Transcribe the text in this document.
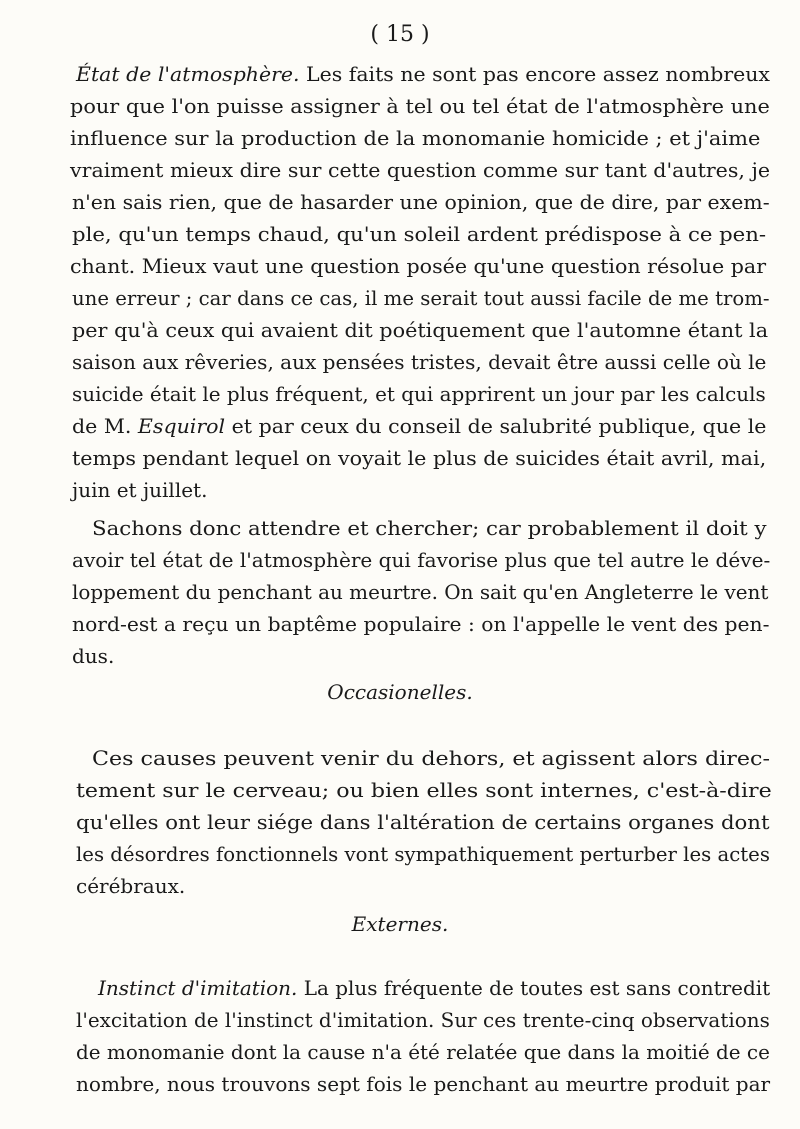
( 15 )
État de l'atmosphère. Les faits ne sont pas encore assez nombreux
pour que l'on puisse assigner à tel ou tel état de l'atmosphère une
influence sur la production de la monomanie homicide ; et j'aime
vraiment mieux dire sur cette question comme sur tant d'autres, je
n'en sais rien, que de hasarder une opinion, que de dire, par exem-
ple, qu'un temps chaud, qu'un soleil ardent prédispose à ce pen-
chant. Mieux vaut une question posée qu'une question résolue par
une erreur ; car dans ce cas, il me serait tout aussi facile de me trom-
per qu'à ceux qui avaient dit poétiquement que l'automne étant la
saison aux rêveries, aux pensées tristes, devait être aussi celle où le
suicide était le plus fréquent, et qui apprirent un jour par les calculs
de M. Esquirol et par ceux du conseil de salubrité publique, que le
temps pendant lequel on voyait le plus de suicides était avril, mai,
juin et juillet.
Sachons donc attendre et chercher; car probablement il doit y
avoir tel état de l'atmosphère qui favorise plus que tel autre le déve-
loppement du penchant au meurtre. On sait qu'en Angleterre le vent
nord-est a reçu un baptême populaire : on l'appelle le vent des pen-
dus.
Occasionelles.
Ces causes peuvent venir du dehors, et agissent alors direc-
tement sur le cerveau; ou bien elles sont internes, c'est-à-dire
qu'elles ont leur siége dans l'altération de certains organes dont
les désordres fonctionnels vont sympathiquement perturber les actes
cérébraux.
Externes.
Instinct d'imitation. La plus fréquente de toutes est sans contredit
l'excitation de l'instinct d'imitation. Sur ces trente-cinq observations
de monomanie dont la cause n'a été relatée que dans la moitié de ce
nombre, nous trouvons sept fois le penchant au meurtre produit par
